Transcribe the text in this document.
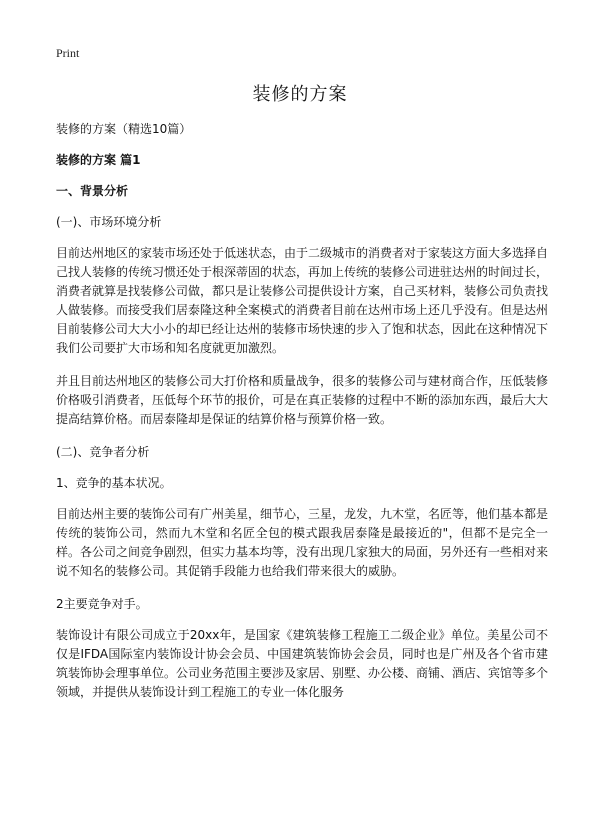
Print
装修的方案
装修的方案（精选10篇）
装修的方案 篇1
一、背景分析
(一)、市场环境分析

目前达州地区的家装市场还处于低迷状态，由于二级城市的消费者对于家装这方面大多选择自己找人装修的传统习惯还处于根深蒂固的状态，再加上传统的装修公司进驻达州的时间过长，消费者就算是找装修公司做，都只是让装修公司提供设计方案，自己买材料，装修公司负责找人做装修。而接受我们居泰隆这种全案模式的消费者目前在达州市场上还几乎没有。但是达州目前装修公司大大小小的却已经让达州的装修市场快速的步入了饱和状态，因此在这种情况下我们公司要扩大市场和知名度就更加激烈。

并且目前达州地区的装修公司大打价格和质量战争，很多的装修公司与建材商合作，压低装修价格吸引消费者，压低每个环节的报价，可是在真正装修的过程中不断的添加东西，最后大大提高结算价格。而居泰隆却是保证的结算价格与预算价格一致。

(二)、竞争者分析
1、竞争的基本状况。

目前达州主要的装饰公司有广州美星，细节心，三星，龙发，九木堂，名匠等，他们基本都是传统的装饰公司，然而九木堂和名匠全包的模式跟我居泰隆是最接近的"，但都不是完全一样。各公司之间竞争剧烈，但实力基本均等，没有出现几家独大的局面，另外还有一些相对来说不知名的装修公司。其促销手段能力也给我们带来很大的威胁。

2主要竞争对手。

装饰设计有限公司成立于20xx年，是国家《建筑装修工程施工二级企业》单位。美星公司不仅是IFDA国际室内装饰设计协会会员、中国建筑装饰协会会员，同时也是广州及各个省市建筑装饰协会理事单位。公司业务范围主要涉及家居、别墅、办公楼、商铺、酒店、宾馆等多个领域，并提供从装饰设计到工程施工的专业一体化服务
